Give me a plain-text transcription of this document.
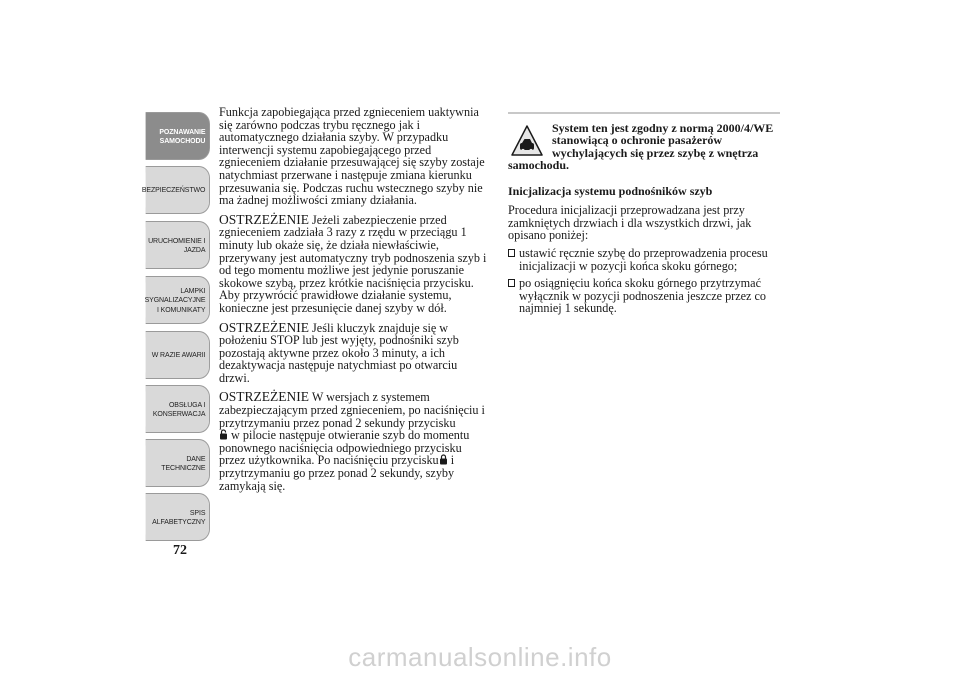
POZNAWANIE
SAMOCHODU
BEZPIECZEŃSTWO
URUCHOMIENIE I
JAZDA
LAMPKI
SYGNALIZACYJNE
I KOMUNIKATY
W RAZIE AWARII
OBSŁUGA I
KONSERWACJA
DANE
TECHNICZNE
SPIS
ALFABETYCZNY
72

Funkcja zapobiegająca przed zgnieceniem uaktywnia się zarówno podczas trybu ręcznego jak i automatycznego działania szyby. W przypadku interwencji systemu zapobiegającego przed zgnieceniem działanie przesuwającej się szyby zostaje natychmiast przerwane i następuje zmiana kierunku przesuwania się. Podczas ruchu wstecznego szyby nie ma żadnej możliwości zmiany działania.

OSTRZEŻENIE Jeżeli zabezpieczenie przed zgnieceniem zadziała 3 razy z rzędu w przeciągu 1 minuty lub okaże się, że działa niewłaściwie, przerywany jest automatyczny tryb podnoszenia szyb i od tego momentu możliwe jest jedynie poruszanie skokowe szybą, przez krótkie naciśnięcia przycisku. Aby przywrócić prawidłowe działanie systemu, konieczne jest przesunięcie danej szyby w dół.

OSTRZEŻENIE Jeśli kluczyk znajduje się w położeniu STOP lub jest wyjęty, podnośniki szyb pozostają aktywne przez około 3 minuty, a ich dezaktywacja następuje natychmiast po otwarciu drzwi.

OSTRZEŻENIE W wersjach z systemem zabezpieczającym przed zgnieceniem, po naciśnięciu i przytrzymaniu przez ponad 2 sekundy przycisku
w pilocie następuje otwieranie szyb do momentu ponownego naciśnięcia odpowiedniego przycisku przez użytkownika. Po naciśnięciu przycisku i przytrzymaniu go przez ponad 2 sekundy, szyby zamykają się.

System ten jest zgodny z normą 2000/4/WE
stanowiącą o ochronie pasażerów
wychylających się przez szybę z wnętrza
samochodu.
Inicjalizacja systemu podnośników szyb

Procedura inicjalizacji przeprowadzana jest przy zamkniętych drzwiach i dla wszystkich drzwi, jak opisano poniżej:

ustawić ręcznie szybę do przeprowadzenia procesu inicjalizacji w pozycji końca skoku górnego;
po osiągnięciu końca skoku górnego przytrzymać wyłącznik w pozycji podnoszenia jeszcze przez co najmniej 1 sekundę.
carmanualsonline.info
